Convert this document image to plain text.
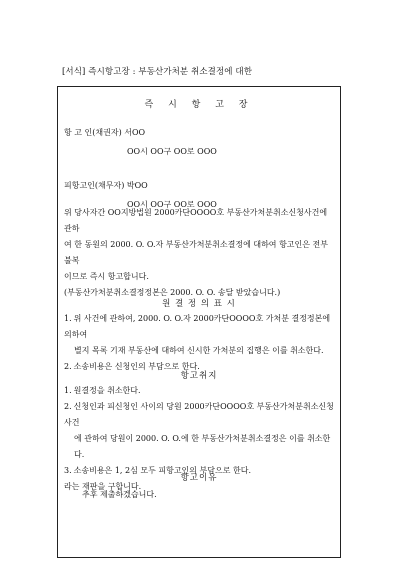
[서식] 즉시항고장 : 부동산가처분 취소결정에 대한
즉 시 항 고 장
항 고 인(채권자) 서OO
OO시 OO구 OO로 OOO
피항고인(채무자) 박OO
OO시 OO구 OO로 OOO
위 당사자간 OO지방법원 2000카단OOOO호 부동산가처분취소신청사건에 관하
여 한 동원의 2000. O. O.자 부동산가처분취소결정에 대하여 항고인은 전부 불복
이므로 즉시 항고합니다.
(부동산가처분취소결정정본은 2000. O. O. 송달 받았습니다.)
원 결 정 의 표 시
1. 위 사건에 관하여, 2000. O. O.자 2000카단OOOO호 가처분 결정정본에 의하여
별지 목록 기재 부동산에 대하여 신시한 가처분의 집행은 이를 취소한다.
2. 소송비용은 신청인의 부담으로 한다.
항고취지
1. 원결정을 취소한다.
2. 신청인과 피신청인 사이의 당원 2000카단OOOO호 부동산가처분취소신청 사건
에 관하여 당원이 2000. O. O.에 한 부동산가처분취소결정은 이를 취소한다.
3. 소송비용은 1, 2심 모두 피항고인의 부담으로 한다.
라는 재판을 구합니다.
항고이유
추후 제출하겠습니다.
